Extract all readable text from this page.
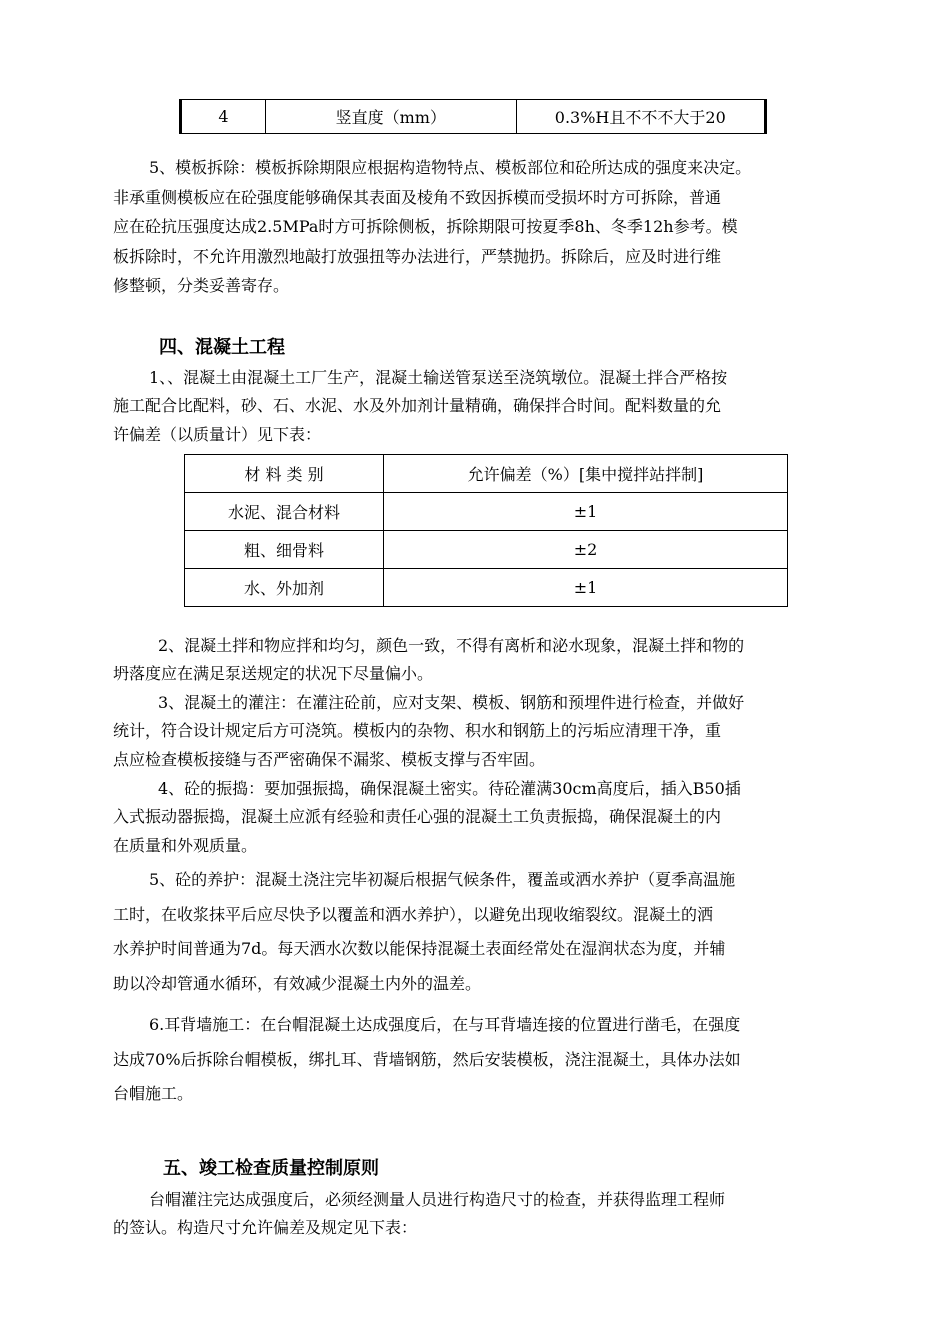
4	竖直度（mm）	0.3%H且不不不大于20
5、模板拆除：模板拆除期限应根据构造物特点、模板部位和砼所达成的强度来决定。
非承重侧模板应在砼强度能够确保其表面及棱角不致因拆模而受损坏时方可拆除，普通
应在砼抗压强度达成2.5MPa时方可拆除侧板，拆除期限可按夏季8h、冬季12h参考。模
板拆除时，不允许用激烈地敲打放强扭等办法进行，严禁抛扔。拆除后，应及时进行维
修整顿，分类妥善寄存。
四、混凝土工程
1、、混凝土由混凝土工厂生产，混凝土输送管泵送至浇筑墩位。混凝土拌合严格按
施工配合比配料，砂、石、水泥、水及外加剂计量精确，确保拌合时间。配料数量的允
许偏差（以质量计）见下表：
材 料 类 别	允许偏差（%）[集中搅拌站拌制]
水泥、混合材料	±1
粗、细骨料	±2
水、外加剂	±1
2、混凝土拌和物应拌和均匀，颜色一致，不得有离析和泌水现象，混凝土拌和物的
坍落度应在满足泵送规定的状况下尽量偏小。
3、混凝土的灌注：在灌注砼前，应对支架、模板、钢筋和预埋件进行检查，并做好
统计，符合设计规定后方可浇筑。模板内的杂物、积水和钢筋上的污垢应清理干净，重
点应检查模板接缝与否严密确保不漏浆、模板支撑与否牢固。
4、砼的振捣：要加强振捣，确保混凝土密实。待砼灌满30cm高度后，插入B50插
入式振动器振捣，混凝土应派有经验和责任心强的混凝土工负责振捣，确保混凝土的内
在质量和外观质量。
5、砼的养护：混凝土浇注完毕初凝后根据气候条件，覆盖或洒水养护（夏季高温施
工时，在收浆抹平后应尽快予以覆盖和洒水养护），以避免出现收缩裂纹。混凝土的洒
水养护时间普通为7d。每天洒水次数以能保持混凝土表面经常处在湿润状态为度，并辅
助以冷却管通水循环，有效减少混凝土内外的温差。
6.耳背墙施工：在台帽混凝土达成强度后，在与耳背墙连接的位置进行凿毛，在强度
达成70%后拆除台帽模板，绑扎耳、背墙钢筋，然后安装模板，浇注混凝土，具体办法如
台帽施工。
五、竣工检查质量控制原则
台帽灌注完达成强度后，必须经测量人员进行构造尺寸的检查，并获得监理工程师
的签认。构造尺寸允许偏差及规定见下表：
